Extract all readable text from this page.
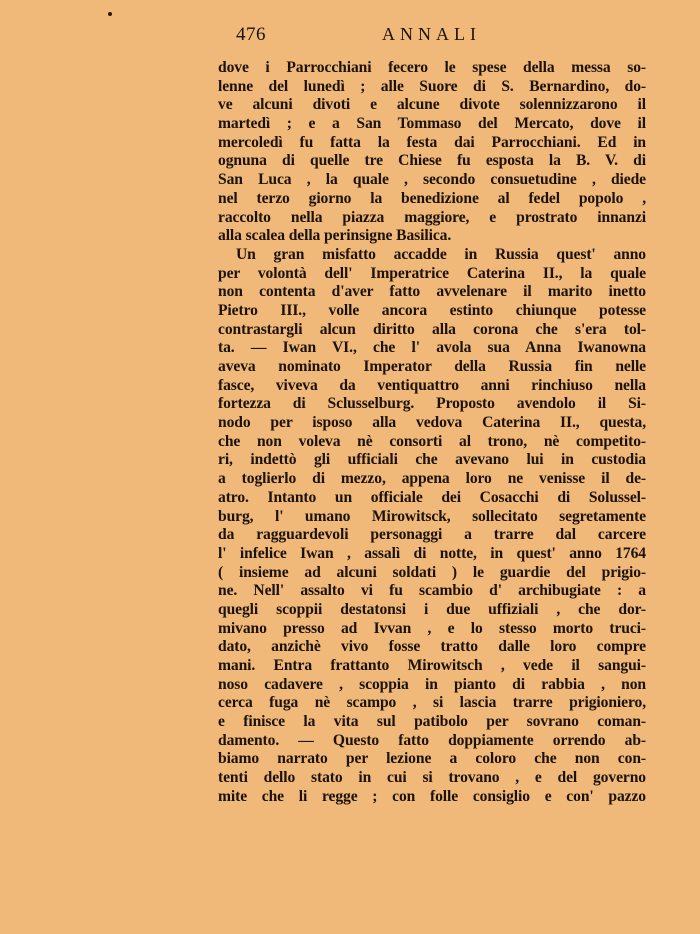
476	ANNALI
dove i Parrocchiani fecero le spese della messa so-
lenne del lunedì ; alle Suore di S. Bernardino, do-
ve alcuni divoti e alcune divote solennizzarono il
martedì ; e a San Tommaso del Mercato, dove il
mercoledì fu fatta la festa dai Parrocchiani. Ed in
ognuna di quelle tre Chiese fu esposta la B. V. di
San Luca , la quale , secondo consuetudine , diede
nel terzo giorno la benedizione al fedel popolo ,
raccolto nella piazza maggiore, e prostrato innanzi
alla scalea della perinsigne Basilica.
Un gran misfatto accadde in Russia quest' anno
per volontà dell' Imperatrice Caterina II., la quale
non contenta d'aver fatto avvelenare il marito inetto
Pietro III., volle ancora estinto chiunque potesse
contrastargli alcun diritto alla corona che s'era tol-
ta. — Iwan VI., che l' avola sua Anna Iwanowna
aveva nominato Imperator della Russia fin nelle
fasce, viveva da ventiquattro anni rinchiuso nella
fortezza di Sclusselburg. Proposto avendolo il Si-
nodo per isposo alla vedova Caterina II., questa,
che non voleva nè consorti al trono, nè competito-
ri, indettò gli ufficiali che avevano lui in custodia
a toglierlo di mezzo, appena loro ne venisse il de-
atro. Intanto un officiale dei Cosacchi di Solussel-
burg, l' umano Mirowitsck, sollecitato segretamente
da ragguardevoli personaggi a trarre dal carcere
l' infelice Iwan , assalì di notte, in quest' anno 1764
( insieme ad alcuni soldati ) le guardie del prigio-
ne. Nell' assalto vi fu scambio d' archibugiate : a
quegli scoppii destatonsi i due uffiziali , che dor-
mivano presso ad Ivvan , e lo stesso morto truci-
dato, anzichè vivo fosse tratto dalle loro compre
mani. Entra frattanto Mirowitsch , vede il sangui-
noso cadavere , scoppia in pianto di rabbia , non
cerca fuga nè scampo , si lascia trarre prigioniero,
e finisce la vita sul patibolo per sovrano coman-
damento. — Questo fatto doppiamente orrendo ab-
biamo narrato per lezione a coloro che non con-
tenti dello stato in cui si trovano , e del governo
mite che li regge ; con folle consiglio e con' pazzo
